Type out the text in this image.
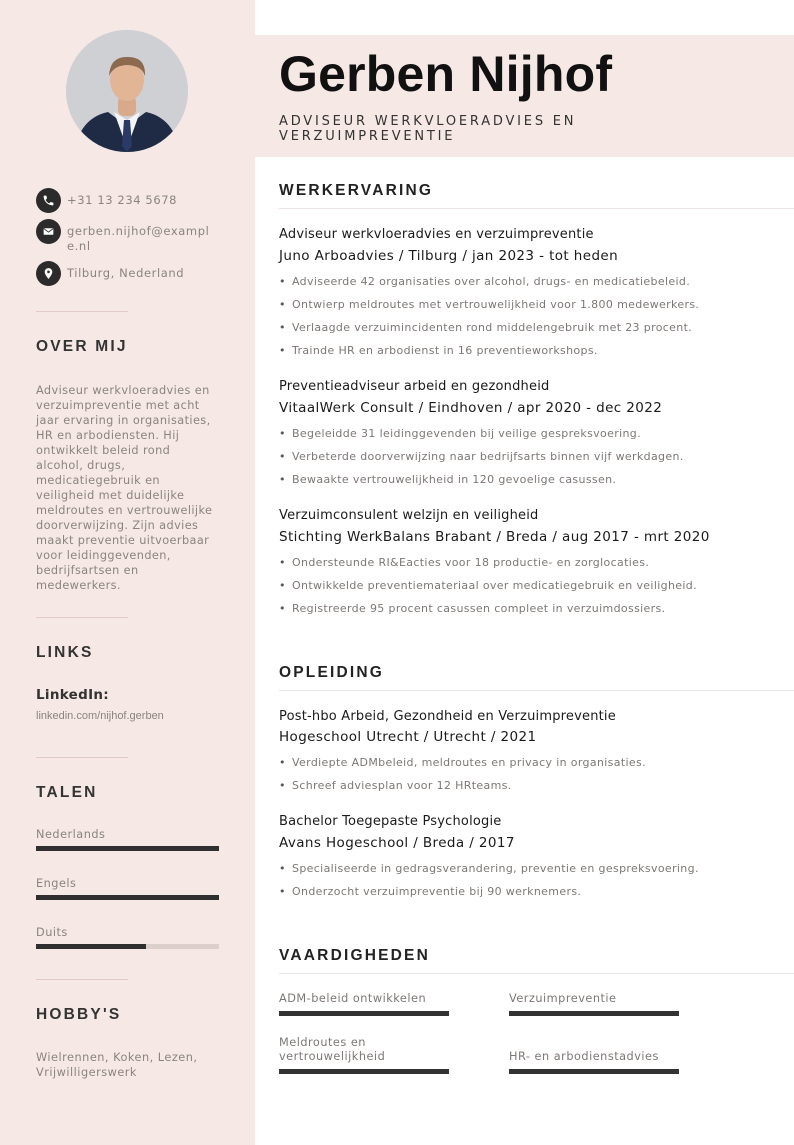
+31 13 234 5678
gerben.nijhof@example.nl
Tilburg, Nederland
OVER MIJ
Adviseur werkvloeradvies en verzuimpreventie met acht jaar ervaring in organisaties, HR en arbodiensten. Hij ontwikkelt beleid rond alcohol, drugs, medicatiegebruik en veiligheid met duidelijke meldroutes en vertrouwelijke doorverwijzing. Zijn advies maakt preventie uitvoerbaar voor leidinggevenden, bedrijfsartsen en medewerkers.
LINKS
LinkedIn:
linkedin.com/nijhof.gerben
TALEN
Nederlands
Engels
Duits
HOBBY'S
Wielrennen, Koken, Lezen, Vrijwilligerswerk
Gerben Nijhof
ADVISEUR WERKVLOERADVIES EN VERZUIMPREVENTIE
WERKERVARING
Adviseur werkvloeradvies en verzuimpreventie
Juno Arboadvies / Tilburg / jan 2023 - tot heden
• Adviseerde 42 organisaties over alcohol, drugs- en medicatiebeleid.
• Ontwierp meldroutes met vertrouwelijkheid voor 1.800 medewerkers.
• Verlaagde verzuimincidenten rond middelengebruik met 23 procent.
• Trainde HR en arbodienst in 16 preventieworkshops.
Preventieadviseur arbeid en gezondheid
VitaalWerk Consult / Eindhoven / apr 2020 - dec 2022
• Begeleidde 31 leidinggevenden bij veilige gespreksvoering.
• Verbeterde doorverwijzing naar bedrijfsarts binnen vijf werkdagen.
• Bewaakte vertrouwelijkheid in 120 gevoelige casussen.
Verzuimconsulent welzijn en veiligheid
Stichting WerkBalans Brabant / Breda / aug 2017 - mrt 2020
• Ondersteunde RI&Eacties voor 18 productie- en zorglocaties.
• Ontwikkelde preventiemateriaal over medicatiegebruik en veiligheid.
• Registreerde 95 procent casussen compleet in verzuimdossiers.
OPLEIDING
Post-hbo Arbeid, Gezondheid en Verzuimpreventie
Hogeschool Utrecht / Utrecht / 2021
• Verdiepte ADMbeleid, meldroutes en privacy in organisaties.
• Schreef adviesplan voor 12 HRteams.
Bachelor Toegepaste Psychologie
Avans Hogeschool / Breda / 2017
• Specialiseerde in gedragsverandering, preventie en gespreksvoering.
• Onderzocht verzuimpreventie bij 90 werknemers.
VAARDIGHEDEN
ADM-beleid ontwikkelen	Verzuimpreventie
Meldroutes en vertrouwelijkheid	HR- en arbodienstadvies
